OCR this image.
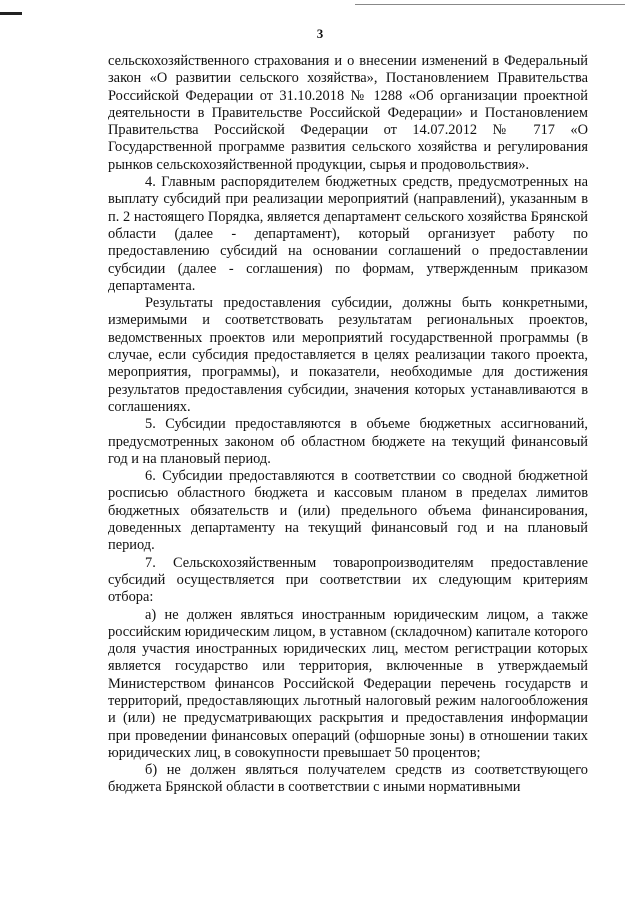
3

сельскохозяйственного страхования и о внесении изменений в Федеральный закон «О развитии сельского хозяйства», Постановлением Правительства Российской Федерации от 31.10.2018 № 1288 «Об организации проектной деятельности в Правительстве Российской Федерации» и Постановлением Правительства Российской Федерации от 14.07.2012 № 717 «О Государственной программе развития сельского хозяйства и регулирования рынков сельскохозяйственной продукции, сырья и продовольствия».

4. Главным распорядителем бюджетных средств, предусмотренных на выплату субсидий при реализации мероприятий (направлений), указанным в п. 2 настоящего Порядка, является департамент сельского хозяйства Брянской области (далее - департамент), который организует работу по предоставлению субсидий на основании соглашений о предоставлении субсидии (далее - соглашения) по формам, утвержденным приказом департамента.

Результаты предоставления субсидии, должны быть конкретными, измеримыми и соответствовать результатам региональных проектов, ведомственных проектов или мероприятий государственной программы (в случае, если субсидия предоставляется в целях реализации такого проекта, мероприятия, программы), и показатели, необходимые для достижения результатов предоставления субсидии, значения которых устанавливаются в соглашениях.

5. Субсидии предоставляются в объеме бюджетных ассигнований, предусмотренных законом об областном бюджете на текущий финансовый год и на плановый период.

6. Субсидии предоставляются в соответствии со сводной бюджетной росписью областного бюджета и кассовым планом в пределах лимитов бюджетных обязательств и (или) предельного объема финансирования, доведенных департаменту на текущий финансовый год и на плановый период.

7. Сельскохозяйственным товаропроизводителям предоставление субсидий осуществляется при соответствии их следующим критериям отбора:

а) не должен являться иностранным юридическим лицом, а также российским юридическим лицом, в уставном (складочном) капитале которого доля участия иностранных юридических лиц, местом регистрации которых является государство или территория, включенные в утверждаемый Министерством финансов Российской Федерации перечень государств и территорий, предоставляющих льготный налоговый режим налогообложения и (или) не предусматривающих раскрытия и предоставления информации при проведении финансовых операций (офшорные зоны) в отношении таких юридических лиц, в совокупности превышает 50 процентов;

б) не должен являться получателем средств из соответствующего бюджета Брянской области в соответствии с иными нормативными
